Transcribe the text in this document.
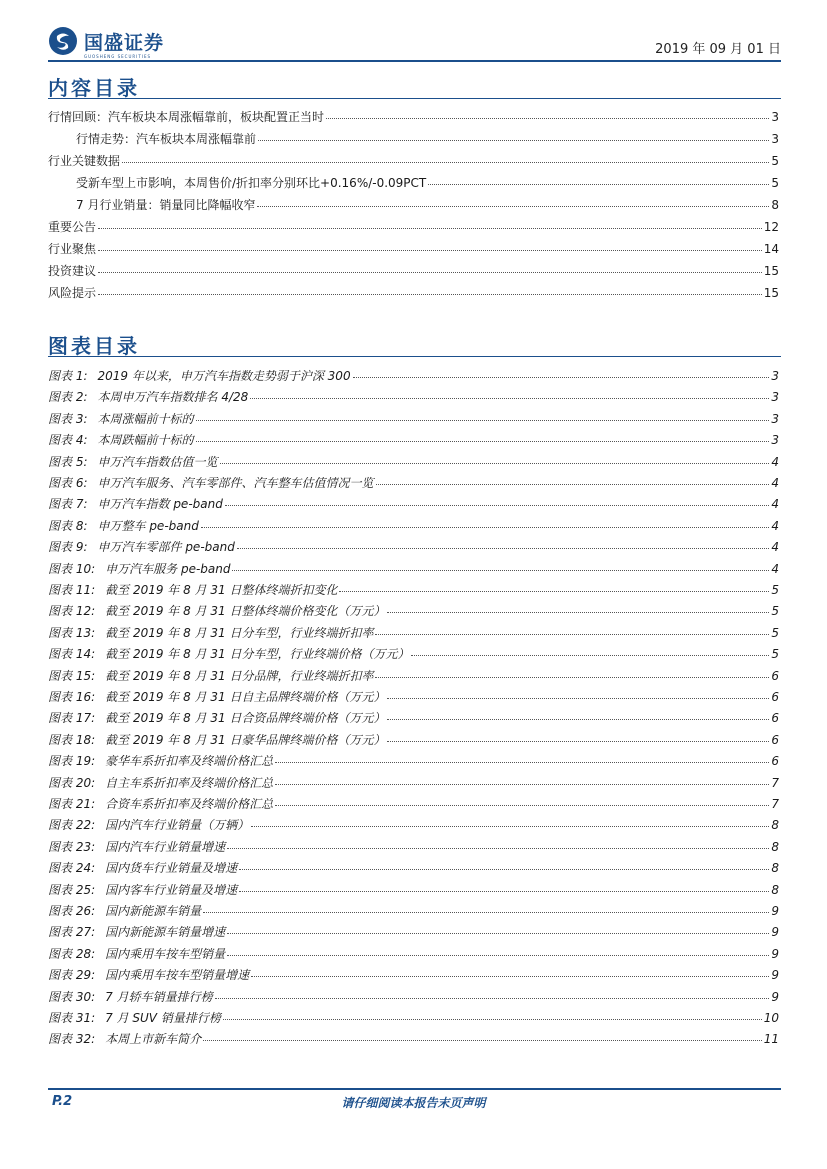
国盛证券
GUOSHENG SECURITIES	2019 年 09 月 01 日
内容目录
行情回顾：汽车板块本周涨幅靠前，板块配置正当时	3
行情走势：汽车板块本周涨幅靠前	3
行业关键数据	5
受新车型上市影响，本周售价/折扣率分别环比+0.16%/-0.09PCT	5
7 月行业销量：销量同比降幅收窄	8
重要公告	12
行业聚焦	14
投资建议	15
风险提示	15
图表目录
图表 1: 2019 年以来，申万汽车指数走势弱于沪深 300	3
图表 2: 本周申万汽车指数排名 4/28	3
图表 3: 本周涨幅前十标的	3
图表 4: 本周跌幅前十标的	3
图表 5: 申万汽车指数估值一览	4
图表 6: 申万汽车服务、汽车零部件、汽车整车估值情况一览	4
图表 7: 申万汽车指数 pe-band	4
图表 8: 申万整车 pe-band	4
图表 9: 申万汽车零部件 pe-band	4
图表 10: 申万汽车服务 pe-band	4
图表 11: 截至 2019 年 8 月 31 日整体终端折扣变化	5
图表 12: 截至 2019 年 8 月 31 日整体终端价格变化（万元）	5
图表 13: 截至 2019 年 8 月 31 日分车型，行业终端折扣率	5
图表 14: 截至 2019 年 8 月 31 日分车型，行业终端价格（万元）	5
图表 15: 截至 2019 年 8 月 31 日分品牌，行业终端折扣率	6
图表 16: 截至 2019 年 8 月 31 日自主品牌终端价格（万元）	6
图表 17: 截至 2019 年 8 月 31 日合资品牌终端价格（万元）	6
图表 18: 截至 2019 年 8 月 31 日豪华品牌终端价格（万元）	6
图表 19: 豪华车系折扣率及终端价格汇总	6
图表 20: 自主车系折扣率及终端价格汇总	7
图表 21: 合资车系折扣率及终端价格汇总	7
图表 22: 国内汽车行业销量（万辆）	8
图表 23: 国内汽车行业销量增速	8
图表 24: 国内货车行业销量及增速	8
图表 25: 国内客车行业销量及增速	8
图表 26: 国内新能源车销量	9
图表 27: 国内新能源车销量增速	9
图表 28: 国内乘用车按车型销量	9
图表 29: 国内乘用车按车型销量增速	9
图表 30: 7 月轿车销量排行榜	9
图表 31: 7 月 SUV 销量排行榜	10
图表 32: 本周上市新车简介	11
请仔细阅读本报告末页声明
P.2
